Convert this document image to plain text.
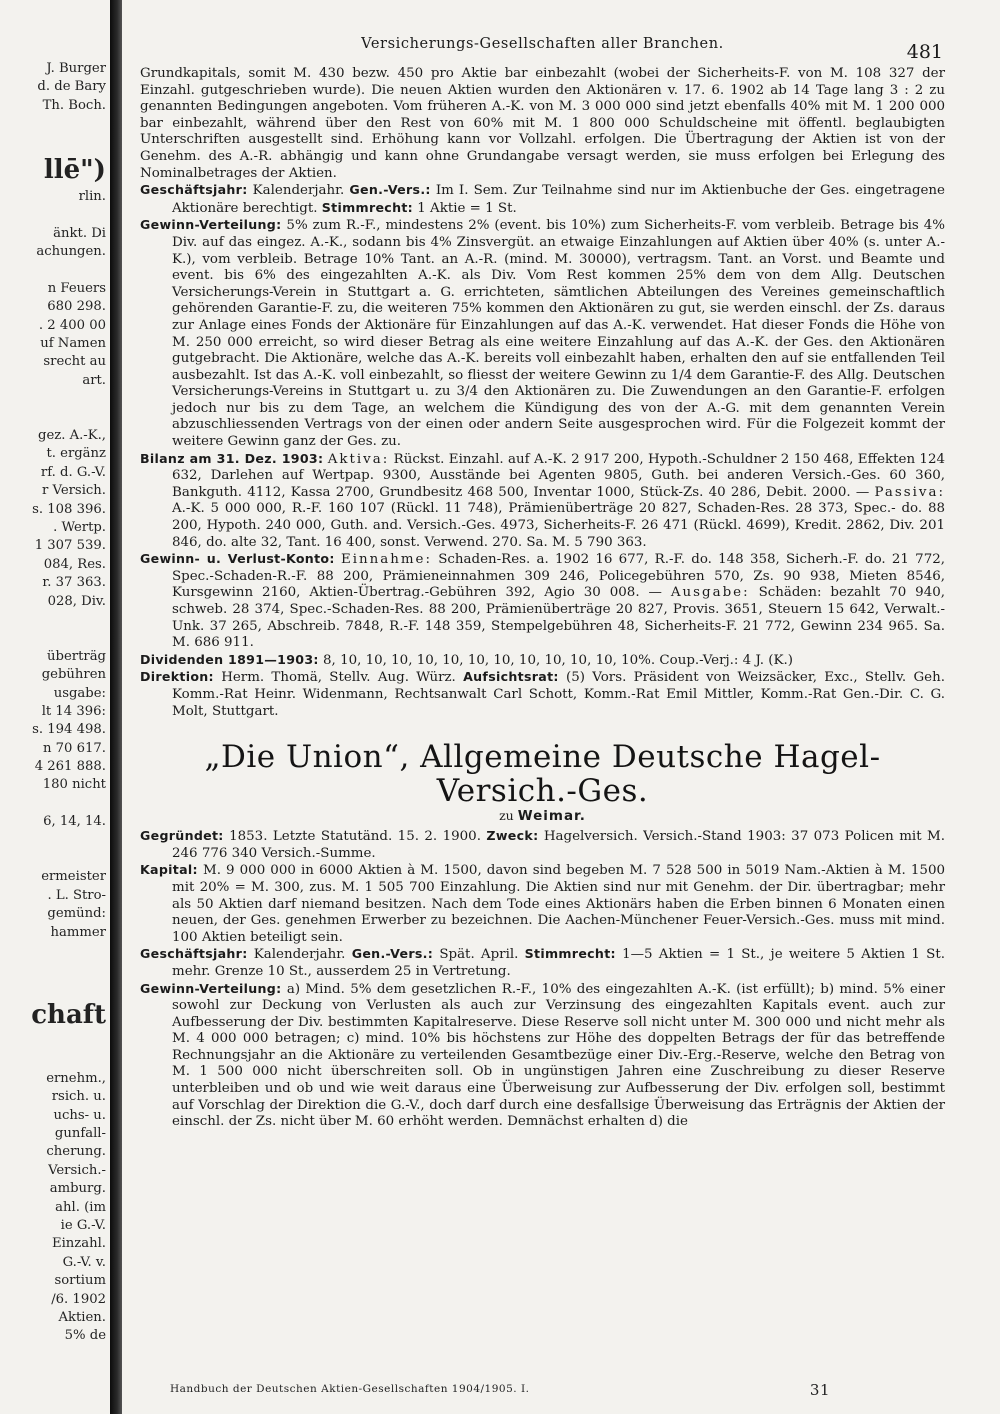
J. Burger
d. de Bary
Th. Boch.
llē")
rlin.
änkt. Di
achungen.
n Feuers
680 298.
. 2 400 00
uf Namen
srecht au
art.
gez. A.-K.,
t. ergänz
rf. d. G.-V.
r Versich.
s. 108 396.
. Wertp.
1 307 539.
084, Res.
r. 37 363.
028, Div.
überträg
gebühren
usgabe:
lt 14 396:
s. 194 498.
n 70 617.
4 261 888.
180 nicht
6, 14, 14.
ermeister
. L. Stro-
gemünd:
hammer
chaft
ernehm.,
rsich. u.
uchs- u.
gunfall-
cherung.
Versich.-
amburg.
ahl. (im
ie G.-V.
Einzahl.
G.-V. v.
sortium
/6. 1902
Aktien.
5% de
Versicherungs-Gesellschaften aller Branchen.	481

Grundkapitals, somit M. 430 bezw. 450 pro Aktie bar einbezahlt (wobei der Sicherheits-F. von M. 108 327 der Einzahl. gutgeschrieben wurde). Die neuen Aktien wurden den Aktionären v. 17. 6. 1902 ab 14 Tage lang 3 : 2 zu genannten Bedingungen angeboten. Vom früheren A.-K. von M. 3 000 000 sind jetzt ebenfalls 40% mit M. 1 200 000 bar einbezahlt, während über den Rest von 60% mit M. 1 800 000 Schuldscheine mit öffentl. beglaubigten Unterschriften ausgestellt sind. Erhöhung kann vor Vollzahl. erfolgen. Die Übertragung der Aktien ist von der Genehm. des A.-R. abhängig und kann ohne Grundangabe versagt werden, sie muss erfolgen bei Erlegung des Nominalbetrages der Aktien.

Geschäftsjahr: Kalenderjahr. Gen.-Vers.: Im I. Sem. Zur Teilnahme sind nur im Aktienbuche der Ges. eingetragene Aktionäre berechtigt. Stimmrecht: 1 Aktie = 1 St.

Gewinn-Verteilung: 5% zum R.-F., mindestens 2% (event. bis 10%) zum Sicherheits-F. vom verbleib. Betrage bis 4% Div. auf das eingez. A.-K., sodann bis 4% Zinsvergüt. an etwaige Einzahlungen auf Aktien über 40% (s. unter A.-K.), vom verbleib. Betrage 10% Tant. an A.-R. (mind. M. 30000), vertragsm. Tant. an Vorst. und Beamte und event. bis 6% des eingezahlten A.-K. als Div. Vom Rest kommen 25% dem von dem Allg. Deutschen Versicherungs-Verein in Stuttgart a. G. errichteten, sämtlichen Abteilungen des Vereines gemeinschaftlich gehörenden Garantie-F. zu, die weiteren 75% kommen den Aktionären zu gut, sie werden einschl. der Zs. daraus zur Anlage eines Fonds der Aktionäre für Einzahlungen auf das A.-K. verwendet. Hat dieser Fonds die Höhe von M. 250 000 erreicht, so wird dieser Betrag als eine weitere Einzahlung auf das A.-K. der Ges. den Aktionären gutgebracht. Die Aktionäre, welche das A.-K. bereits voll einbezahlt haben, erhalten den auf sie entfallenden Teil ausbezahlt. Ist das A.-K. voll einbezahlt, so fliesst der weitere Gewinn zu 1/4 dem Garantie-F. des Allg. Deutschen Versicherungs-Vereins in Stuttgart u. zu 3/4 den Aktionären zu. Die Zuwendungen an den Garantie-F. erfolgen jedoch nur bis zu dem Tage, an welchem die Kündigung des von der A.-G. mit dem genannten Verein abzuschliessenden Vertrags von der einen oder andern Seite ausgesprochen wird. Für die Folgezeit kommt der weitere Gewinn ganz der Ges. zu.

Bilanz am 31. Dez. 1903: Aktiva: Rückst. Einzahl. auf A.-K. 2 917 200, Hypoth.-Schuldner 2 150 468, Effekten 124 632, Darlehen auf Wertpap. 9300, Ausstände bei Agenten 9805, Guth. bei anderen Versich.-Ges. 60 360, Bankguth. 4112, Kassa 2700, Grundbesitz 468 500, Inventar 1000, Stück-Zs. 40 286, Debit. 2000. — Passiva: A.-K. 5 000 000, R.-F. 160 107 (Rückl. 11 748), Prämienüberträge 20 827, Schaden-Res. 28 373, Spec.- do. 88 200, Hypoth. 240 000, Guth. and. Versich.-Ges. 4973, Sicherheits-F. 26 471 (Rückl. 4699), Kredit. 2862, Div. 201 846, do. alte 32, Tant. 16 400, sonst. Verwend. 270. Sa. M. 5 790 363.

Gewinn- u. Verlust-Konto: Einnahme: Schaden-Res. a. 1902 16 677, R.-F. do. 148 358, Sicherh.-F. do. 21 772, Spec.-Schaden-R.-F. 88 200, Prämieneinnahmen 309 246, Policegebühren 570, Zs. 90 938, Mieten 8546, Kursgewinn 2160, Aktien-Übertrag.-Gebühren 392, Agio 30 008. — Ausgabe: Schäden: bezahlt 70 940, schweb. 28 374, Spec.-Schaden-Res. 88 200, Prämienüberträge 20 827, Provis. 3651, Steuern 15 642, Verwalt.-Unk. 37 265, Abschreib. 7848, R.-F. 148 359, Stempelgebühren 48, Sicherheits-F. 21 772, Gewinn 234 965. Sa. M. 686 911.

Dividenden 1891—1903: 8, 10, 10, 10, 10, 10, 10, 10, 10, 10, 10, 10, 10%. Coup.-Verj.: 4 J. (K.)

Direktion: Herm. Thomä, Stellv. Aug. Würz. Aufsichtsrat: (5) Vors. Präsident von Weizsäcker, Exc., Stellv. Geh. Komm.-Rat Heinr. Widenmann, Rechtsanwalt Carl Schott, Komm.-Rat Emil Mittler, Komm.-Rat Gen.-Dir. C. G. Molt, Stuttgart.

„Die Union“, Allgemeine Deutsche Hagel-Versich.-Ges.
zu Weimar.

Gegründet: 1853. Letzte Statutänd. 15. 2. 1900. Zweck: Hagelversich. Versich.-Stand 1903: 37 073 Policen mit M. 246 776 340 Versich.-Summe.

Kapital: M. 9 000 000 in 6000 Aktien à M. 1500, davon sind begeben M. 7 528 500 in 5019 Nam.-Aktien à M. 1500 mit 20% = M. 300, zus. M. 1 505 700 Einzahlung. Die Aktien sind nur mit Genehm. der Dir. übertragbar; mehr als 50 Aktien darf niemand besitzen. Nach dem Tode eines Aktionärs haben die Erben binnen 6 Monaten einen neuen, der Ges. genehmen Erwerber zu bezeichnen. Die Aachen-Münchener Feuer-Versich.-Ges. muss mit mind. 100 Aktien beteiligt sein.

Geschäftsjahr: Kalenderjahr. Gen.-Vers.: Spät. April. Stimmrecht: 1—5 Aktien = 1 St., je weitere 5 Aktien 1 St. mehr. Grenze 10 St., ausserdem 25 in Vertretung.

Gewinn-Verteilung: a) Mind. 5% dem gesetzlichen R.-F., 10% des eingezahlten A.-K. (ist erfüllt); b) mind. 5% einer sowohl zur Deckung von Verlusten als auch zur Verzinsung des eingezahlten Kapitals event. auch zur Aufbesserung der Div. bestimmten Kapitalreserve. Diese Reserve soll nicht unter M. 300 000 und nicht mehr als M. 4 000 000 betragen; c) mind. 10% bis höchstens zur Höhe des doppelten Betrags der für das betreffende Rechnungsjahr an die Aktionäre zu verteilenden Gesamtbezüge einer Div.-Erg.-Reserve, welche den Betrag von M. 1 500 000 nicht überschreiten soll. Ob in ungünstigen Jahren eine Zuschreibung zu dieser Reserve unterbleiben und ob und wie weit daraus eine Überweisung zur Aufbesserung der Div. erfolgen soll, bestimmt auf Vorschlag der Direktion die G.-V., doch darf durch eine desfallsige Überweisung das Erträgnis der Aktien der einschl. der Zs. nicht über M. 60 erhöht werden. Demnächst erhalten d) die

Handbuch der Deutschen Aktien-Gesellschaften 1904/1905. I.	31
